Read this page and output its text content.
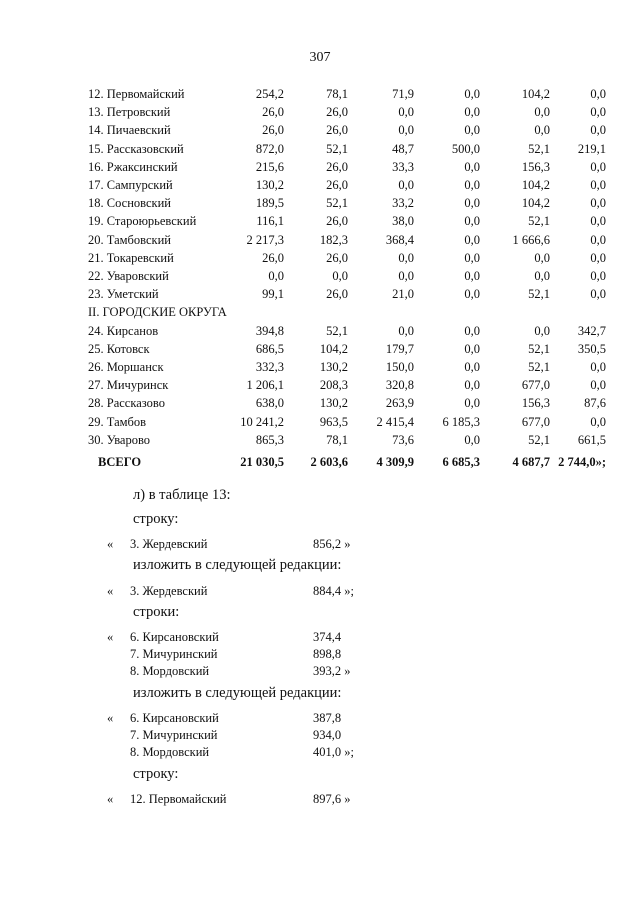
307
12. Первомайский	254,2	78,1	71,9	0,0	104,2	0,0
13. Петровский	26,0	26,0	0,0	0,0	0,0	0,0
14. Пичаевский	26,0	26,0	0,0	0,0	0,0	0,0
15. Рассказовский	872,0	52,1	48,7	500,0	52,1	219,1
16. Ржаксинский	215,6	26,0	33,3	0,0	156,3	0,0
17. Сампурский	130,2	26,0	0,0	0,0	104,2	0,0
18. Сосновский	189,5	52,1	33,2	0,0	104,2	0,0
19. Староюрьевский	116,1	26,0	38,0	0,0	52,1	0,0
20. Тамбовский	2 217,3	182,3	368,4	0,0	1 666,6	0,0
21. Токаревский	26,0	26,0	0,0	0,0	0,0	0,0
22. Уваровский	0,0	0,0	0,0	0,0	0,0	0,0
23. Уметский	99,1	26,0	21,0	0,0	52,1	0,0
II. ГОРОДСКИЕ ОКРУГА						
24. Кирсанов	394,8	52,1	0,0	0,0	0,0	342,7
25. Котовск	686,5	104,2	179,7	0,0	52,1	350,5
26. Моршанск	332,3	130,2	150,0	0,0	52,1	0,0
27. Мичуринск	1 206,1	208,3	320,8	0,0	677,0	0,0
28. Рассказово	638,0	130,2	263,9	0,0	156,3	87,6
29. Тамбов	10 241,2	963,5	2 415,4	6 185,3	677,0	0,0
30. Уварово	865,3	78,1	73,6	0,0	52,1	661,5
ВСЕГО	21 030,5	2 603,6	4 309,9	6 685,3	4 687,7	2 744,0»;
л) в таблице 13:
строку:
« 3. Жердевский	856,2 »
изложить в следующей редакции:
« 3. Жердевский	884,4 »;
строки:
« 6. Кирсановский	374,4
7. Мичуринский	898,8
8. Мордовский	393,2 »
изложить в следующей редакции:
« 6. Кирсановский	387,8
7. Мичуринский	934,0
8. Мордовский	401,0 »;
строку:
« 12. Первомайский	897,6 »
